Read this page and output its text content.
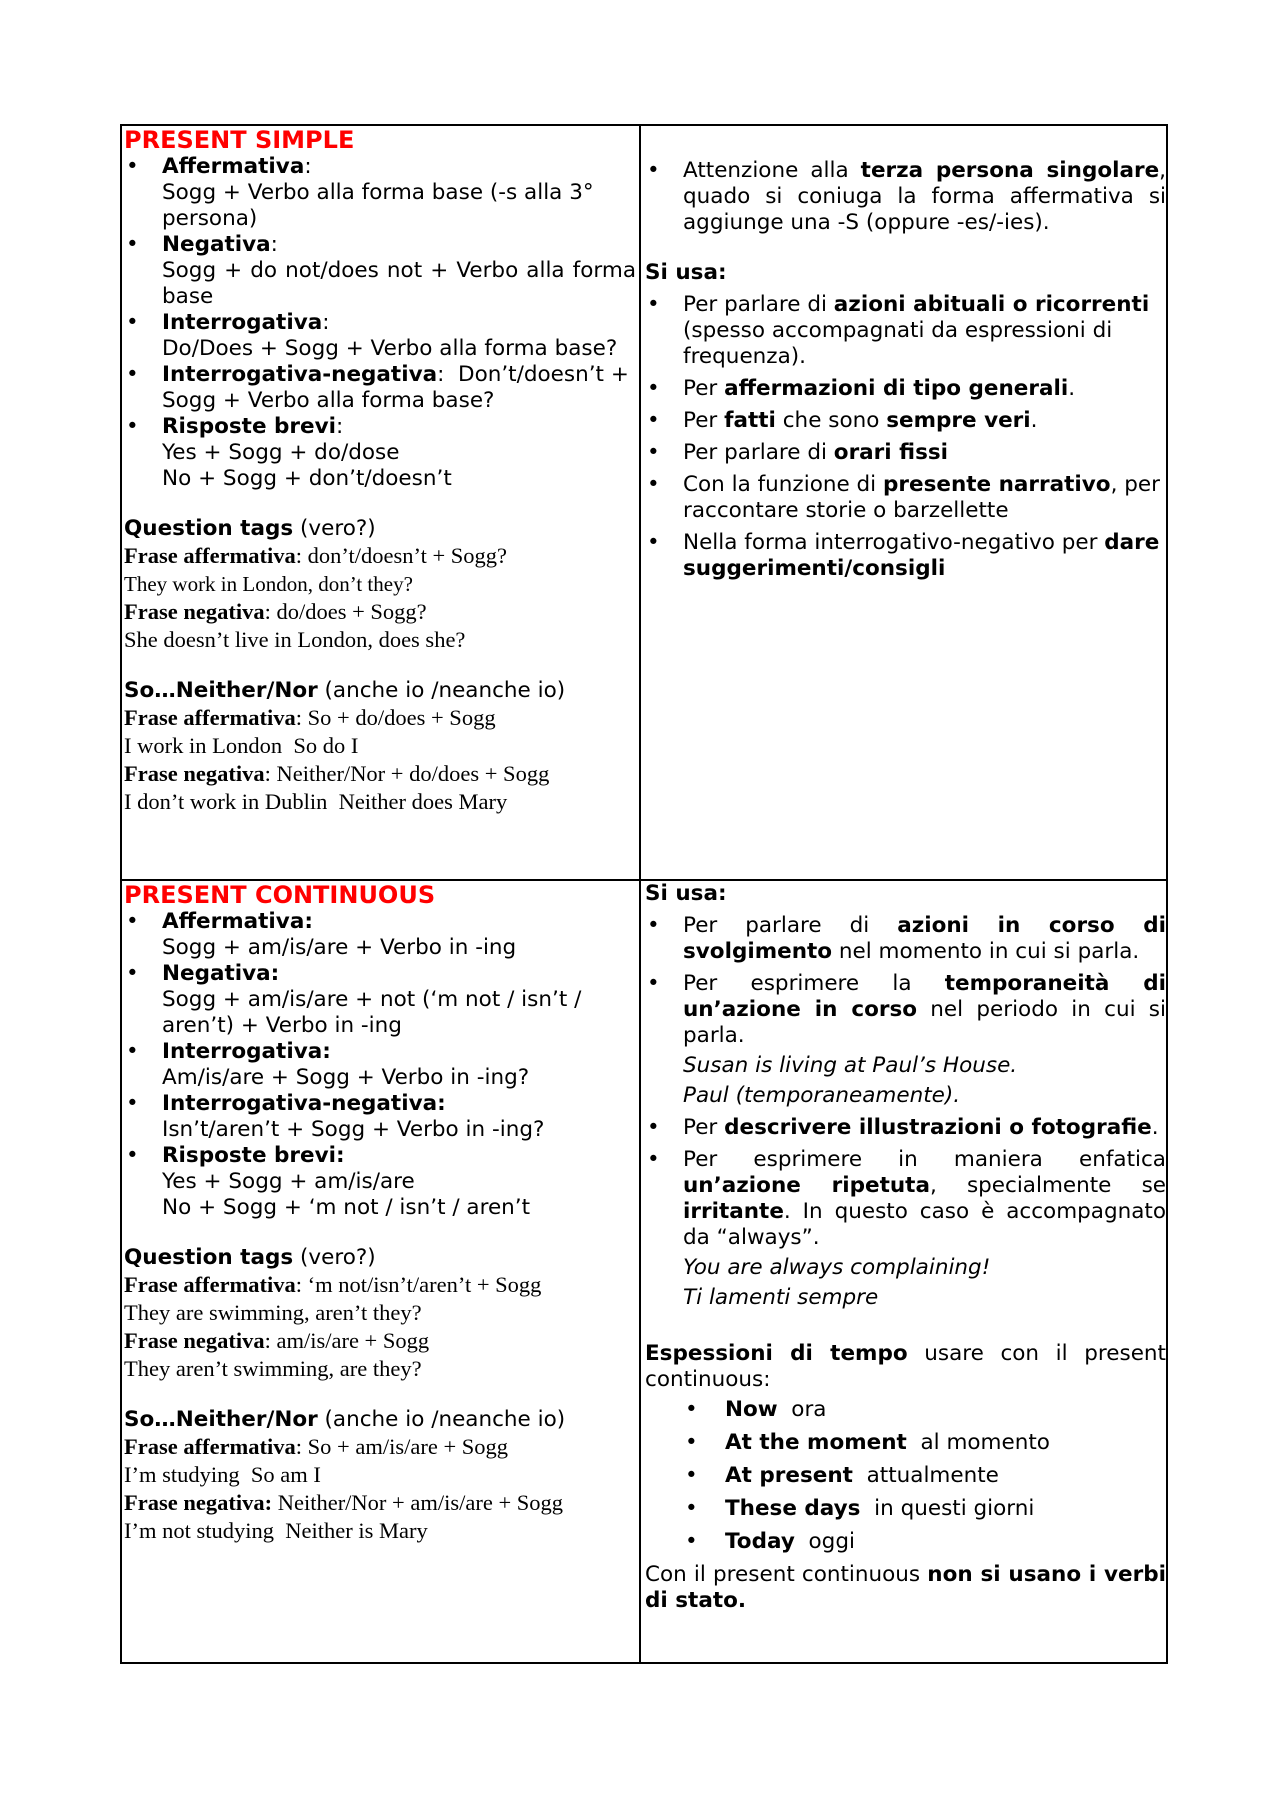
PRESENT SIMPLE
• Affermativa:
Sogg + Verbo alla forma base (-s alla 3° persona)
• Negativa:
Sogg + do not/does not + Verbo alla forma base
• Interrogativa:
Do/Does + Sogg + Verbo alla forma base?
• Interrogativa-negativa: Don’t/doesn’t + Sogg + Verbo alla forma base?
• Risposte brevi:
Yes + Sogg + do/dose
No + Sogg + don’t/doesn’t
Question tags (vero?)
Frase affermativa: don’t/doesn’t + Sogg?
They work in London, don’t they?
Frase negativa: do/does + Sogg?
She doesn’t live in London, does she?
So…Neither/Nor (anche io /neanche io)
Frase affermativa: So + do/does + Sogg
I work in London  So do I
Frase negativa: Neither/Nor + do/does + Sogg
I don’t work in Dublin  Neither does Mary
• Attenzione alla terza persona singolare, quado si coniuga la forma affermativa si aggiunge una -S (oppure -es/-ies).
Si usa:
• Per parlare di azioni abituali o ricorrenti (spesso accompagnati da espressioni di frequenza).
• Per affermazioni di tipo generali.
• Per fatti che sono sempre veri.
• Per parlare di orari fissi
• Con la funzione di presente narrativo, per raccontare storie o barzellette
• Nella forma interrogativo-negativo per dare suggerimenti/consigli
PRESENT CONTINUOUS
• Affermativa:
Sogg + am/is/are + Verbo in -ing
• Negativa:
Sogg + am/is/are + not (‘m not / isn’t / aren’t) + Verbo in -ing
• Interrogativa:
Am/is/are + Sogg + Verbo in -ing?
• Interrogativa-negativa:
Isn’t/aren’t + Sogg + Verbo in -ing?
• Risposte brevi:
Yes + Sogg + am/is/are
No + Sogg + ‘m not / isn’t / aren’t
Question tags (vero?)
Frase affermativa: ‘m not/isn’t/aren’t + Sogg
They are swimming, aren’t they?
Frase negativa: am/is/are + Sogg
They aren’t swimming, are they?
So…Neither/Nor (anche io /neanche io)
Frase affermativa: So + am/is/are + Sogg
I’m studying  So am I
Frase negativa: Neither/Nor + am/is/are + Sogg
I’m not studying  Neither is Mary
Si usa:
• Per parlare di azioni in corso di svolgimento nel momento in cui si parla.
• Per esprimere la temporaneità di un’azione in corso nel periodo in cui si parla.
Susan is living at Paul’s House.
Paul (temporaneamente).
• Per descrivere illustrazioni o fotografie.
• Per esprimere in maniera enfatica un’azione ripetuta, specialmente se irritante. In questo caso è accompagnato da “always”.
You are always complaining!
Ti lamenti sempre
Espessioni di tempo usare con il present continuous:
• Now  ora
• At the moment  al momento
• At present  attualmente
• These days  in questi giorni
• Today  oggi
Con il present continuous non si usano i verbi di stato.
